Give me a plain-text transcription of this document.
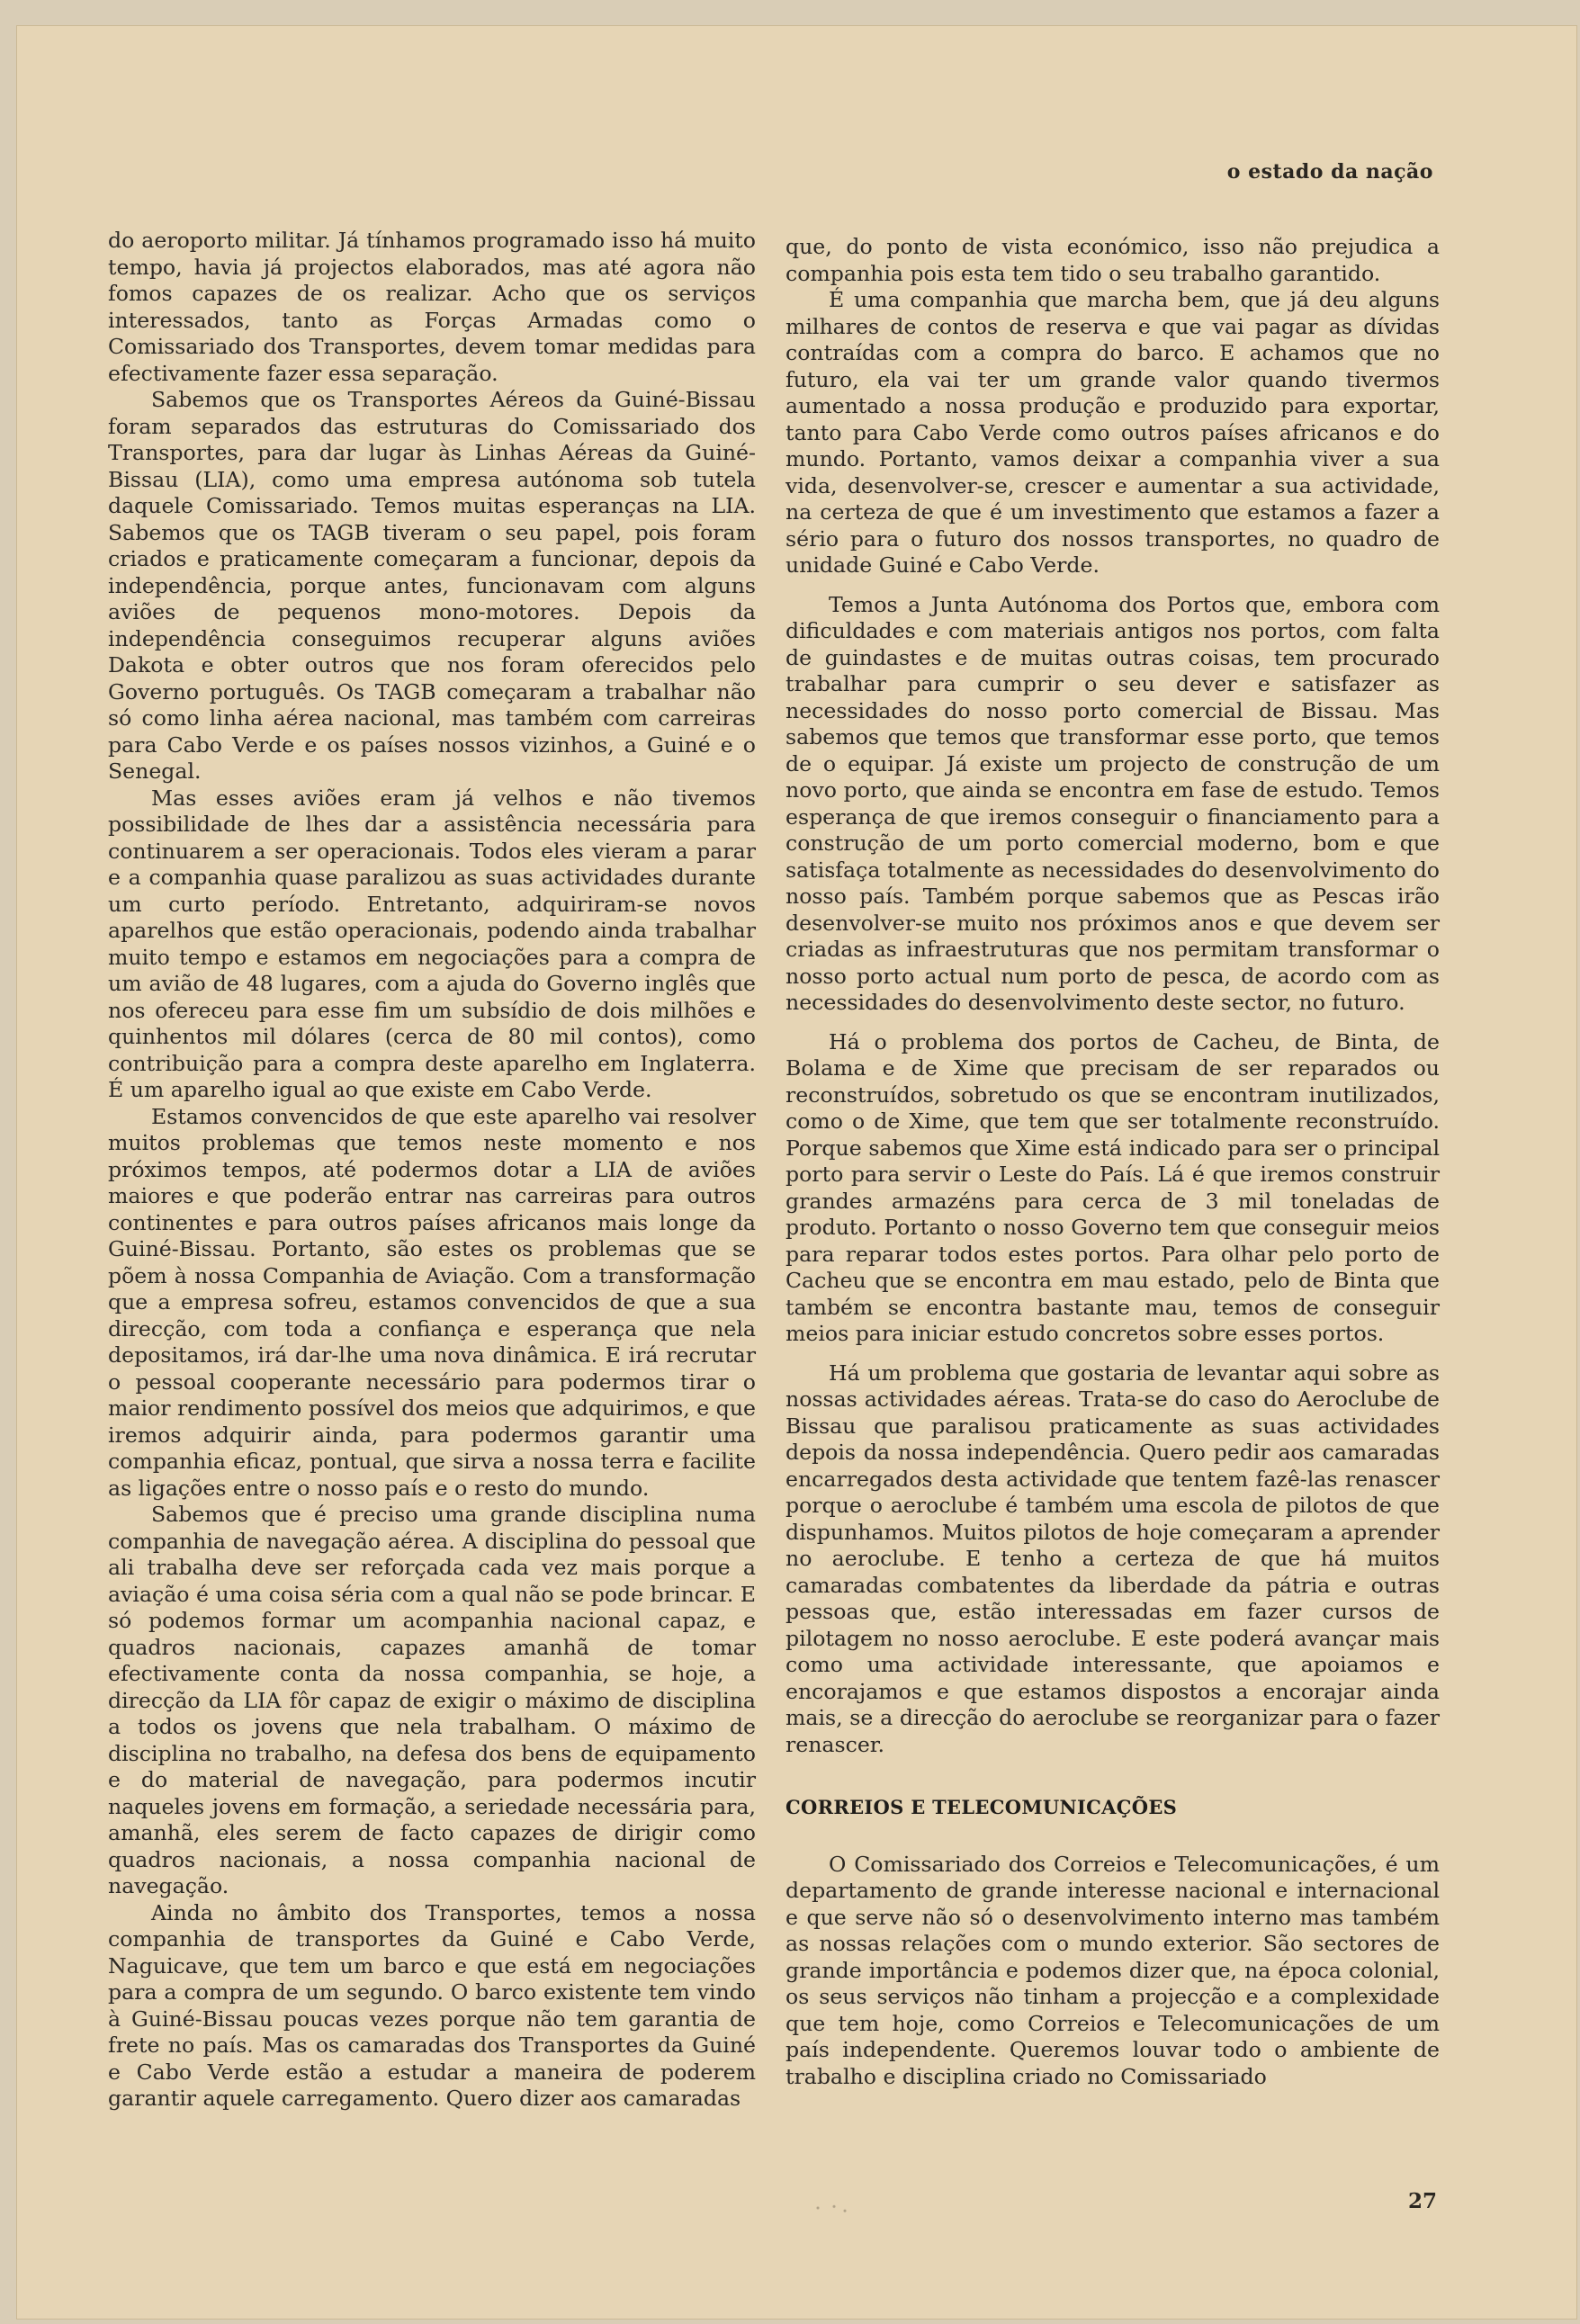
o estado da nação

do aeroporto militar. Já tínhamos programado isso há muito tempo, havia já projectos elaborados, mas até agora não fomos capazes de os realizar. Acho que os serviços interessados, tanto as Forças Armadas como o Comissariado dos Transportes, devem tomar medidas para efectivamente fazer essa separação.

Sabemos que os Transportes Aéreos da Guiné-Bissau foram separados das estruturas do Comissariado dos Transportes, para dar lugar às Linhas Aéreas da Guiné-Bissau (LIA), como uma empresa autónoma sob tutela daquele Comissariado. Temos muitas esperanças na LIA. Sabemos que os TAGB tiveram o seu papel, pois foram criados e praticamente começaram a funcionar, depois da independência, porque antes, funcionavam com alguns aviões de pequenos mono-motores. Depois da independência conseguimos recuperar alguns aviões Dakota e obter outros que nos foram oferecidos pelo Governo português. Os TAGB começaram a trabalhar não só como linha aérea nacional, mas também com carreiras para Cabo Verde e os países nossos vizinhos, a Guiné e o Senegal.

Mas esses aviões eram já velhos e não tivemos possibilidade de lhes dar a assistência necessária para continuarem a ser operacionais. Todos eles vieram a parar e a companhia quase paralizou as suas actividades durante um curto período. Entretanto, adquiriram-se novos aparelhos que estão operacionais, podendo ainda trabalhar muito tempo e estamos em negociações para a compra de um avião de 48 lugares, com a ajuda do Governo inglês que nos ofereceu para esse fim um subsídio de dois milhões e quinhentos mil dólares (cerca de 80 mil contos), como contribuição para a compra deste aparelho em Inglaterra. É um aparelho igual ao que existe em Cabo Verde.

Estamos convencidos de que este aparelho vai resolver muitos problemas que temos neste momento e nos próximos tempos, até podermos dotar a LIA de aviões maiores e que poderão entrar nas carreiras para outros continentes e para outros países africanos mais longe da Guiné-Bissau. Portanto, são estes os problemas que se põem à nossa Companhia de Aviação. Com a transformação que a empresa sofreu, estamos convencidos de que a sua direcção, com toda a confiança e esperança que nela depositamos, irá dar-lhe uma nova dinâmica. E irá recrutar o pessoal cooperante necessário para podermos tirar o maior rendimento possível dos meios que adquirimos, e que iremos adquirir ainda, para podermos garantir uma companhia eficaz, pontual, que sirva a nossa terra e facilite as ligações entre o nosso país e o resto do mundo.

Sabemos que é preciso uma grande disciplina numa companhia de navegação aérea. A disciplina do pessoal que ali trabalha deve ser reforçada cada vez mais porque a aviação é uma coisa séria com a qual não se pode brincar. E só podemos formar um acompanhia nacional capaz, e quadros nacionais, capazes amanhã de tomar efectivamente conta da nossa companhia, se hoje, a direcção da LIA fôr capaz de exigir o máximo de disciplina a todos os jovens que nela trabalham. O máximo de disciplina no trabalho, na defesa dos bens de equipamento e do material de navegação, para podermos incutir naqueles jovens em formação, a seriedade necessária para, amanhã, eles serem de facto capazes de dirigir como quadros nacionais, a nossa companhia nacional de navegação.

Ainda no âmbito dos Transportes, temos a nossa companhia de transportes da Guiné e Cabo Verde, Naguicave, que tem um barco e que está em negociações para a compra de um segundo. O barco existente tem vindo à Guiné-Bissau poucas vezes porque não tem garantia de frete no país. Mas os camaradas dos Transportes da Guiné e Cabo Verde estão a estudar a maneira de poderem garantir aquele carregamento. Quero dizer aos camaradas

que, do ponto de vista económico, isso não prejudica a companhia pois esta tem tido o seu trabalho garantido.

É uma companhia que marcha bem, que já deu alguns milhares de contos de reserva e que vai pagar as dívidas contraídas com a compra do barco. E achamos que no futuro, ela vai ter um grande valor quando tivermos aumentado a nossa produção e produzido para exportar, tanto para Cabo Verde como outros países africanos e do mundo. Portanto, vamos deixar a companhia viver a sua vida, desenvolver-se, crescer e aumentar a sua actividade, na certeza de que é um investimento que estamos a fazer a sério para o futuro dos nossos transportes, no quadro de unidade Guiné e Cabo Verde.

Temos a Junta Autónoma dos Portos que, embora com dificuldades e com materiais antigos nos portos, com falta de guindastes e de muitas outras coisas, tem procurado trabalhar para cumprir o seu dever e satisfazer as necessidades do nosso porto comercial de Bissau. Mas sabemos que temos que transformar esse porto, que temos de o equipar. Já existe um projecto de construção de um novo porto, que ainda se encontra em fase de estudo. Temos esperança de que iremos conseguir o financiamento para a construção de um porto comercial moderno, bom e que satisfaça totalmente as necessidades do desenvolvimento do nosso país. Também porque sabemos que as Pescas irão desenvolver-se muito nos próximos anos e que devem ser criadas as infraestruturas que nos permitam transformar o nosso porto actual num porto de pesca, de acordo com as necessidades do desenvolvimento deste sector, no futuro.

Há o problema dos portos de Cacheu, de Binta, de Bolama e de Xime que precisam de ser reparados ou reconstruídos, sobretudo os que se encontram inutilizados, como o de Xime, que tem que ser totalmente reconstruído. Porque sabemos que Xime está indicado para ser o principal porto para servir o Leste do País. Lá é que iremos construir grandes armazéns para cerca de 3 mil toneladas de produto. Portanto o nosso Governo tem que conseguir meios para reparar todos estes portos. Para olhar pelo porto de Cacheu que se encontra em mau estado, pelo de Binta que também se encontra bastante mau, temos de conseguir meios para iniciar estudo concretos sobre esses portos.

Há um problema que gostaria de levantar aqui sobre as nossas actividades aéreas. Trata-se do caso do Aeroclube de Bissau que paralisou praticamente as suas actividades depois da nossa independência. Quero pedir aos camaradas encarregados desta actividade que tentem fazê-las renascer porque o aeroclube é também uma escola de pilotos de que dispunhamos. Muitos pilotos de hoje começaram a aprender no aeroclube. E tenho a certeza de que há muitos camaradas combatentes da liberdade da pátria e outras pessoas que, estão interessadas em fazer cursos de pilotagem no nosso aeroclube. E este poderá avançar mais como uma actividade interessante, que apoiamos e encorajamos e que estamos dispostos a encorajar ainda mais, se a direcção do aeroclube se reorganizar para o fazer renascer.

CORREIOS E TELECOMUNICAÇÕES

O Comissariado dos Correios e Telecomunicações, é um departamento de grande interesse nacional e internacional e que serve não só o desenvolvimento interno mas também as nossas relações com o mundo exterior. São sectores de grande importância e podemos dizer que, na época colonial, os seus serviços não tinham a projecção e a complexidade que tem hoje, como Correios e Telecomunicações de um país independente. Queremos louvar todo o ambiente de trabalho e disciplina criado no Comissariado

27
